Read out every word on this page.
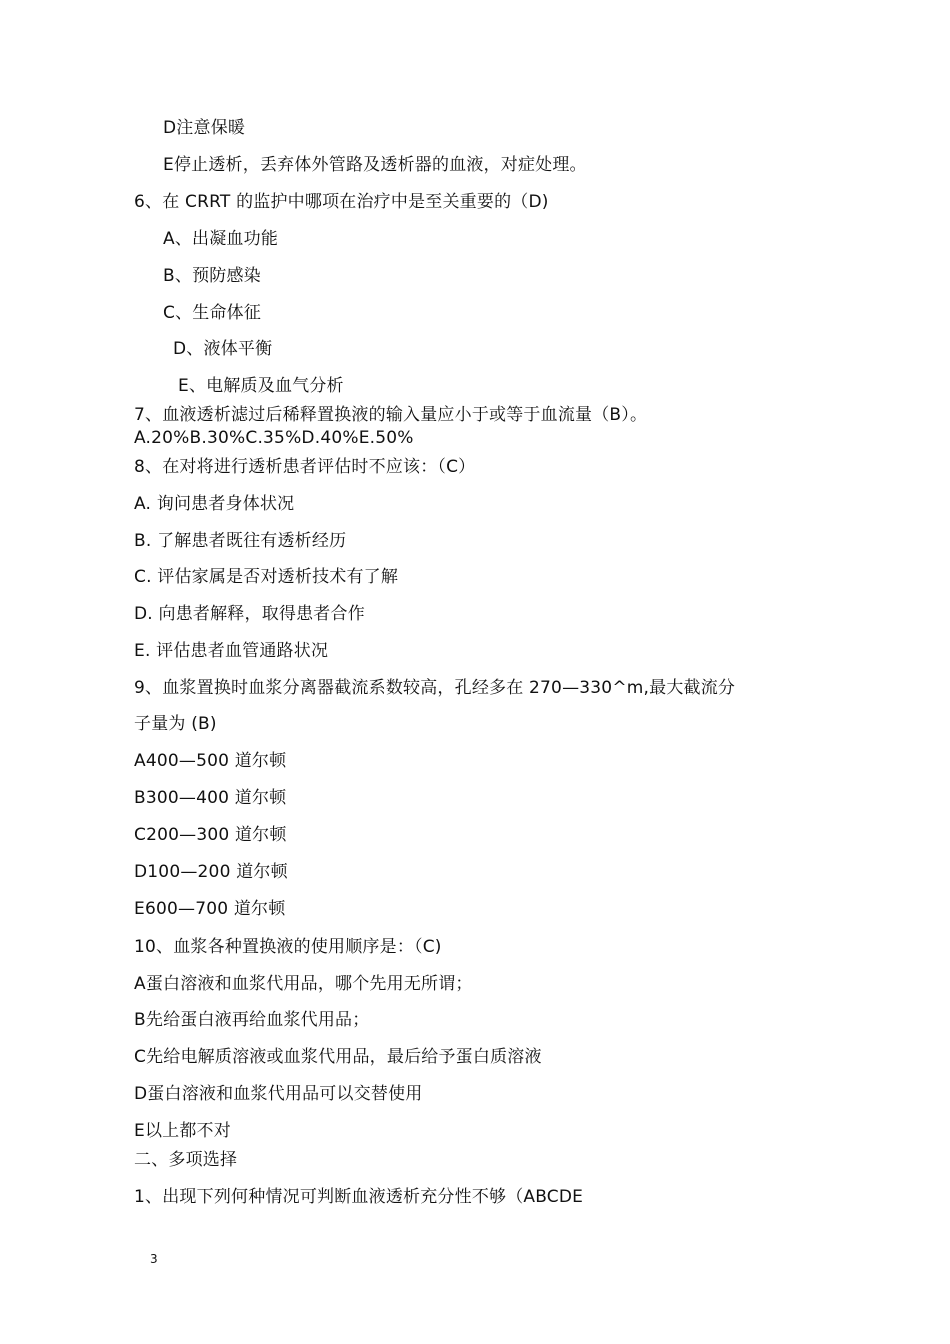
D注意保暖
E停止透析，丢弃体外管路及透析器的血液，对症处理。
6、在 CRRT 的监护中哪项在治疗中是至关重要的（D)
A、出凝血功能
B、预防感染
C、生命体征
D、液体平衡
E、电解质及血气分析
7、血液透析滤过后稀释置换液的输入量应小于或等于血流量（B）。
A.20%B.30%C.35%D.40%E.50%
8、在对将进行透析患者评估时不应该：（C）
A. 询问患者身体状况
B. 了解患者既往有透析经历
C. 评估家属是否对透析技术有了解
D. 向患者解释，取得患者合作
E. 评估患者血管通路状况
9、血浆置换时血浆分离器截流系数较高，孔经多在 270—330^m,最大截流分
子量为 (B)
A400—500 道尔顿
B300—400 道尔顿
C200—300 道尔顿
D100—200 道尔顿
E600—700 道尔顿
10、血浆各种置换液的使用顺序是：（C)
A蛋白溶液和血浆代用品，哪个先用无所谓；
B先给蛋白液再给血浆代用品；
C先给电解质溶液或血浆代用品，最后给予蛋白质溶液
D蛋白溶液和血浆代用品可以交替使用
E以上都不对
二、多项选择
1、出现下列何种情况可判断血液透析充分性不够（ABCDE
3
